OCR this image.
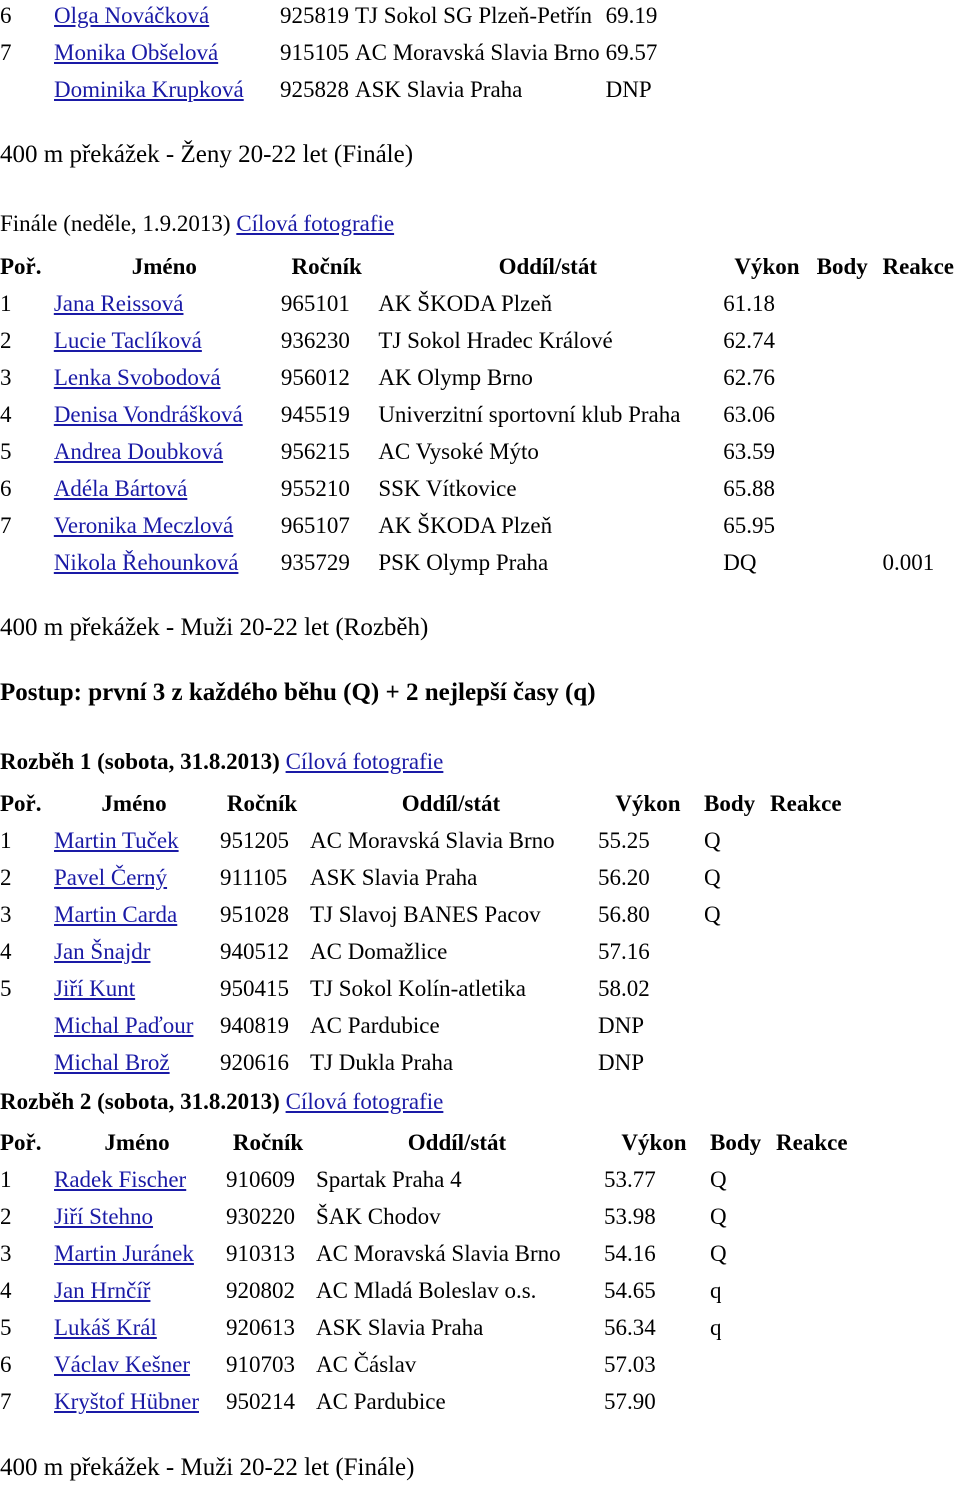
6	Olga Nováčková	925819	TJ Sokol SG Plzeň-Petřín	69.19
7	Monika Obšelová	915105	AC Moravská Slavia Brno	69.57
	Dominika Krupková	925828	ASK Slavia Praha	DNP
400 m překážek - Ženy 20-22 let (Finále)
Finále (neděle, 1.9.2013) Cílová fotografie
Poř.	Jméno	Ročník	Oddíl/stát	Výkon	Body	Reakce
1	Jana Reissová	965101	AK ŠKODA Plzeň	61.18		
2	Lucie Taclíková	936230	TJ Sokol Hradec Králové	62.74		
3	Lenka Svobodová	956012	AK Olymp Brno	62.76		
4	Denisa Vondrášková	945519	Univerzitní sportovní klub Praha	63.06		
5	Andrea Doubková	956215	AC Vysoké Mýto	63.59		
6	Adéla Bártová	955210	SSK Vítkovice	65.88		
7	Veronika Meczlová	965107	AK ŠKODA Plzeň	65.95		
	Nikola Řehounková	935729	PSK Olymp Praha	DQ		0.001
400 m překážek - Muži 20-22 let (Rozběh)
Postup: první 3 z každého běhu (Q) + 2 nejlepší časy (q)
Rozběh 1 (sobota, 31.8.2013) Cílová fotografie
Poř.	Jméno	Ročník	Oddíl/stát	Výkon	Body	Reakce
1	Martin Tuček	951205	AC Moravská Slavia Brno	55.25	Q	
2	Pavel Černý	911105	ASK Slavia Praha	56.20	Q	
3	Martin Carda	951028	TJ Slavoj BANES Pacov	56.80	Q	
4	Jan Šnajdr	940512	AC Domažlice	57.16		
5	Jiří Kunt	950415	TJ Sokol Kolín-atletika	58.02		
	Michal Paďour	940819	AC Pardubice	DNP		
	Michal Brož	920616	TJ Dukla Praha	DNP		
Rozběh 2 (sobota, 31.8.2013) Cílová fotografie
Poř.	Jméno	Ročník	Oddíl/stát	Výkon	Body	Reakce
1	Radek Fischer	910609	Spartak Praha 4	53.77	Q	
2	Jiří Stehno	930220	ŠAK Chodov	53.98	Q	
3	Martin Juránek	910313	AC Moravská Slavia Brno	54.16	Q	
4	Jan Hrnčíř	920802	AC Mladá Boleslav o.s.	54.65	q	
5	Lukáš Král	920613	ASK Slavia Praha	56.34	q	
6	Václav Kešner	910703	AC Čáslav	57.03		
7	Kryštof Hübner	950214	AC Pardubice	57.90		
400 m překážek - Muži 20-22 let (Finále)
